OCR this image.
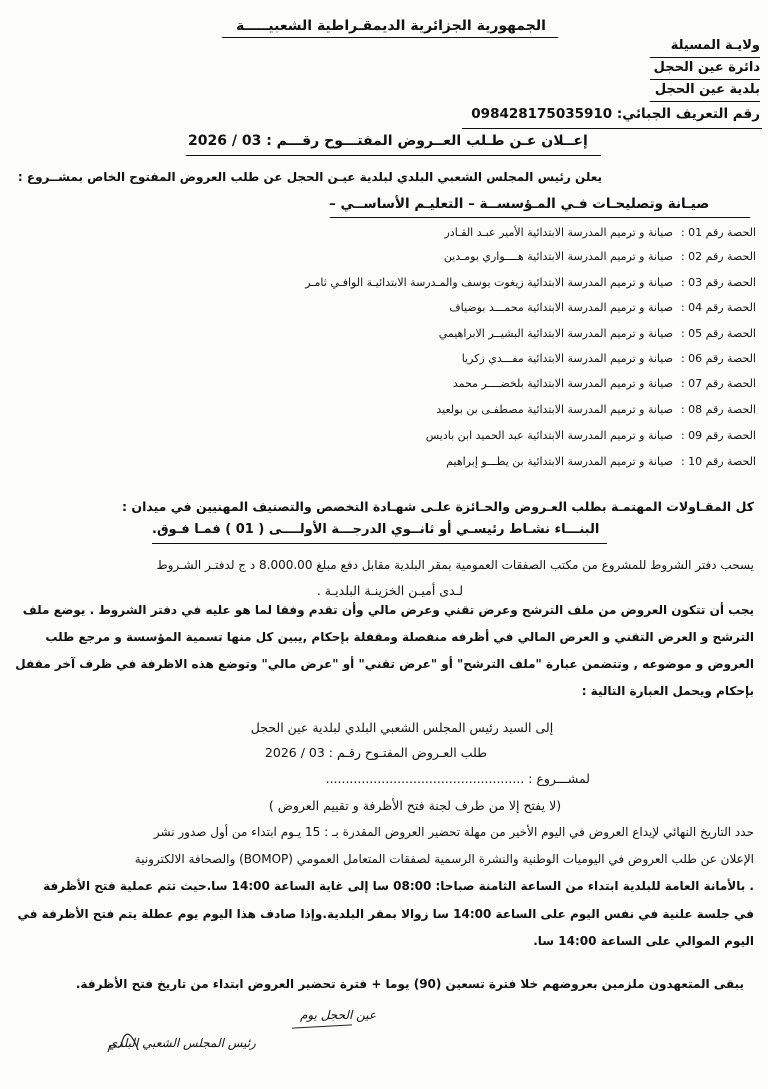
الجمهورية الجزائرية الديمقـراطية الشعبيـــــة
ولايـة المسيلة
دائرة عين الحجل
بلدية عين الحجل
رقم التعريف الجبائي: 098428175035910
إعــلان عـن طـلب العــروض المفتـــوح رقـــم : 03 / 2026
يعلن رئيس المجلس الشعبي البلدي لبلدية عيـن الحجل عن طلب العروض المفتوح الخاص بمشــروع :
صيـانة وتصليحـات فـي المـؤسســة – التعليـم الأساســي –
الحصة رقم 01 :صيانة و ترميم المدرسة الابتدائية الأمير عبـد القـادر
الحصة رقم 02 :صيانة و ترميم المدرسة الابتدائية هــــواري بومـدين
الحصة رقم 03 :صيانة و ترميم المدرسة الابتدائية زيغوت يوسف والمـدرسة الابتدائيـة الوافـي ثامـر
الحصة رقم 04 :صيانة و ترميم المدرسة الابتدائية محمـــد بوضياف
الحصة رقم 05 :صيانة و ترميم المدرسة الابتدائية البشيــر الابراهيمي
الحصة رقم 06 :صيانة و ترميم المدرسة الابتدائية مفـــدي زكريا
الحصة رقم 07 :صيانة و ترميم المدرسة الابتدائية بلخضــــر محمد
الحصة رقم 08 :صيانة و ترميم المدرسة الابتدائية مصطفـى بن بولعيد
الحصة رقم 09 :صيانة و ترميم المدرسة الابتدائية عبد الحميد ابن باديس
الحصة رقم 10 :صيانة و ترميم المدرسة الابتدائية بن يطـــو إبراهيم
كل المقـاولات المهتمـة بطلب العـروض والحـائزة علـى شهـادة التخصص والتصنيف المهنيين في ميدان :
البنـــاء نشـاط رئيسـي أو ثانــوي الدرجـــة الأولــــى ( 01 ) فمـا فـوق.
يسحب دفتر الشروط للمشروع من مكتب الصفقات العمومية بمقر البلدية مقابل دفع مبلغ 8.000.00 د ج لدفتـر الشـروط
لـدى أميـن الخزينـة البلديـة .
يجب أن تتكون العروض من ملف الترشح وعرض تقني وعرض مالي وأن تقدم وفقا لما هو عليه في دفتر الشروط . يوضع ملف
الترشح و العرض التقني و العرض المالي في أظرفه منفصلة ومقفلة بإحكام ,يبين كل منها تسمية المؤسسة و مرجع طلب
العروض و موضوعه , وتتضمن عبارة "ملف الترشح" أو "عرض تقني" أو "عرض مالي" وتوضع هذه الاظرفة في ظرف آخر مقفل
بإحكام ويحمل العبارة التالية :
إلى السيد رئيس المجلس الشعبي البلدي لبلدية عين الحجل
طلب العـروض المفتـوح رقـم : 03 / 2026
لمشـــروع : ..................................................
(لا يفتح إلا من طرف لجنة فتح الأظرفة و تقييم العروض )
حدد التاريخ النهائي لإيداع العروض في اليوم الأخير من مهلة تحضير العروض المقدرة بـ : 15 يـوم ابتداء من أول صدور نشر
الإعلان عن طلب العروض في اليوميات الوطنية والنشرة الرسمية لصفقات المتعامل العمومي (BOMOP) والصحافة الالكترونية
. بالأمانة العامة للبلدية ابتداء من الساعة الثامنة صباحا: 08:00 سا إلى غاية الساعة 14:00 سا.حيث تتم عملية فتح الأظرفة
في جلسة علنية في نفس اليوم على الساعة 14:00 سا زوالا بمقر البلدية.وإذا صادف هذا اليوم يوم عطلة يتم فتح الأظرفة في
اليوم الموالي على الساعة 14:00 سا.
يبقى المتعهدون ملزمين بعروضهم خلا فترة تسعين (90) يوما + فترة تحضير العروض ابتداء من تاريخ فتح الأظرفة.
عين الحجل يوم
رئيس المجلس الشعبي البلدي
